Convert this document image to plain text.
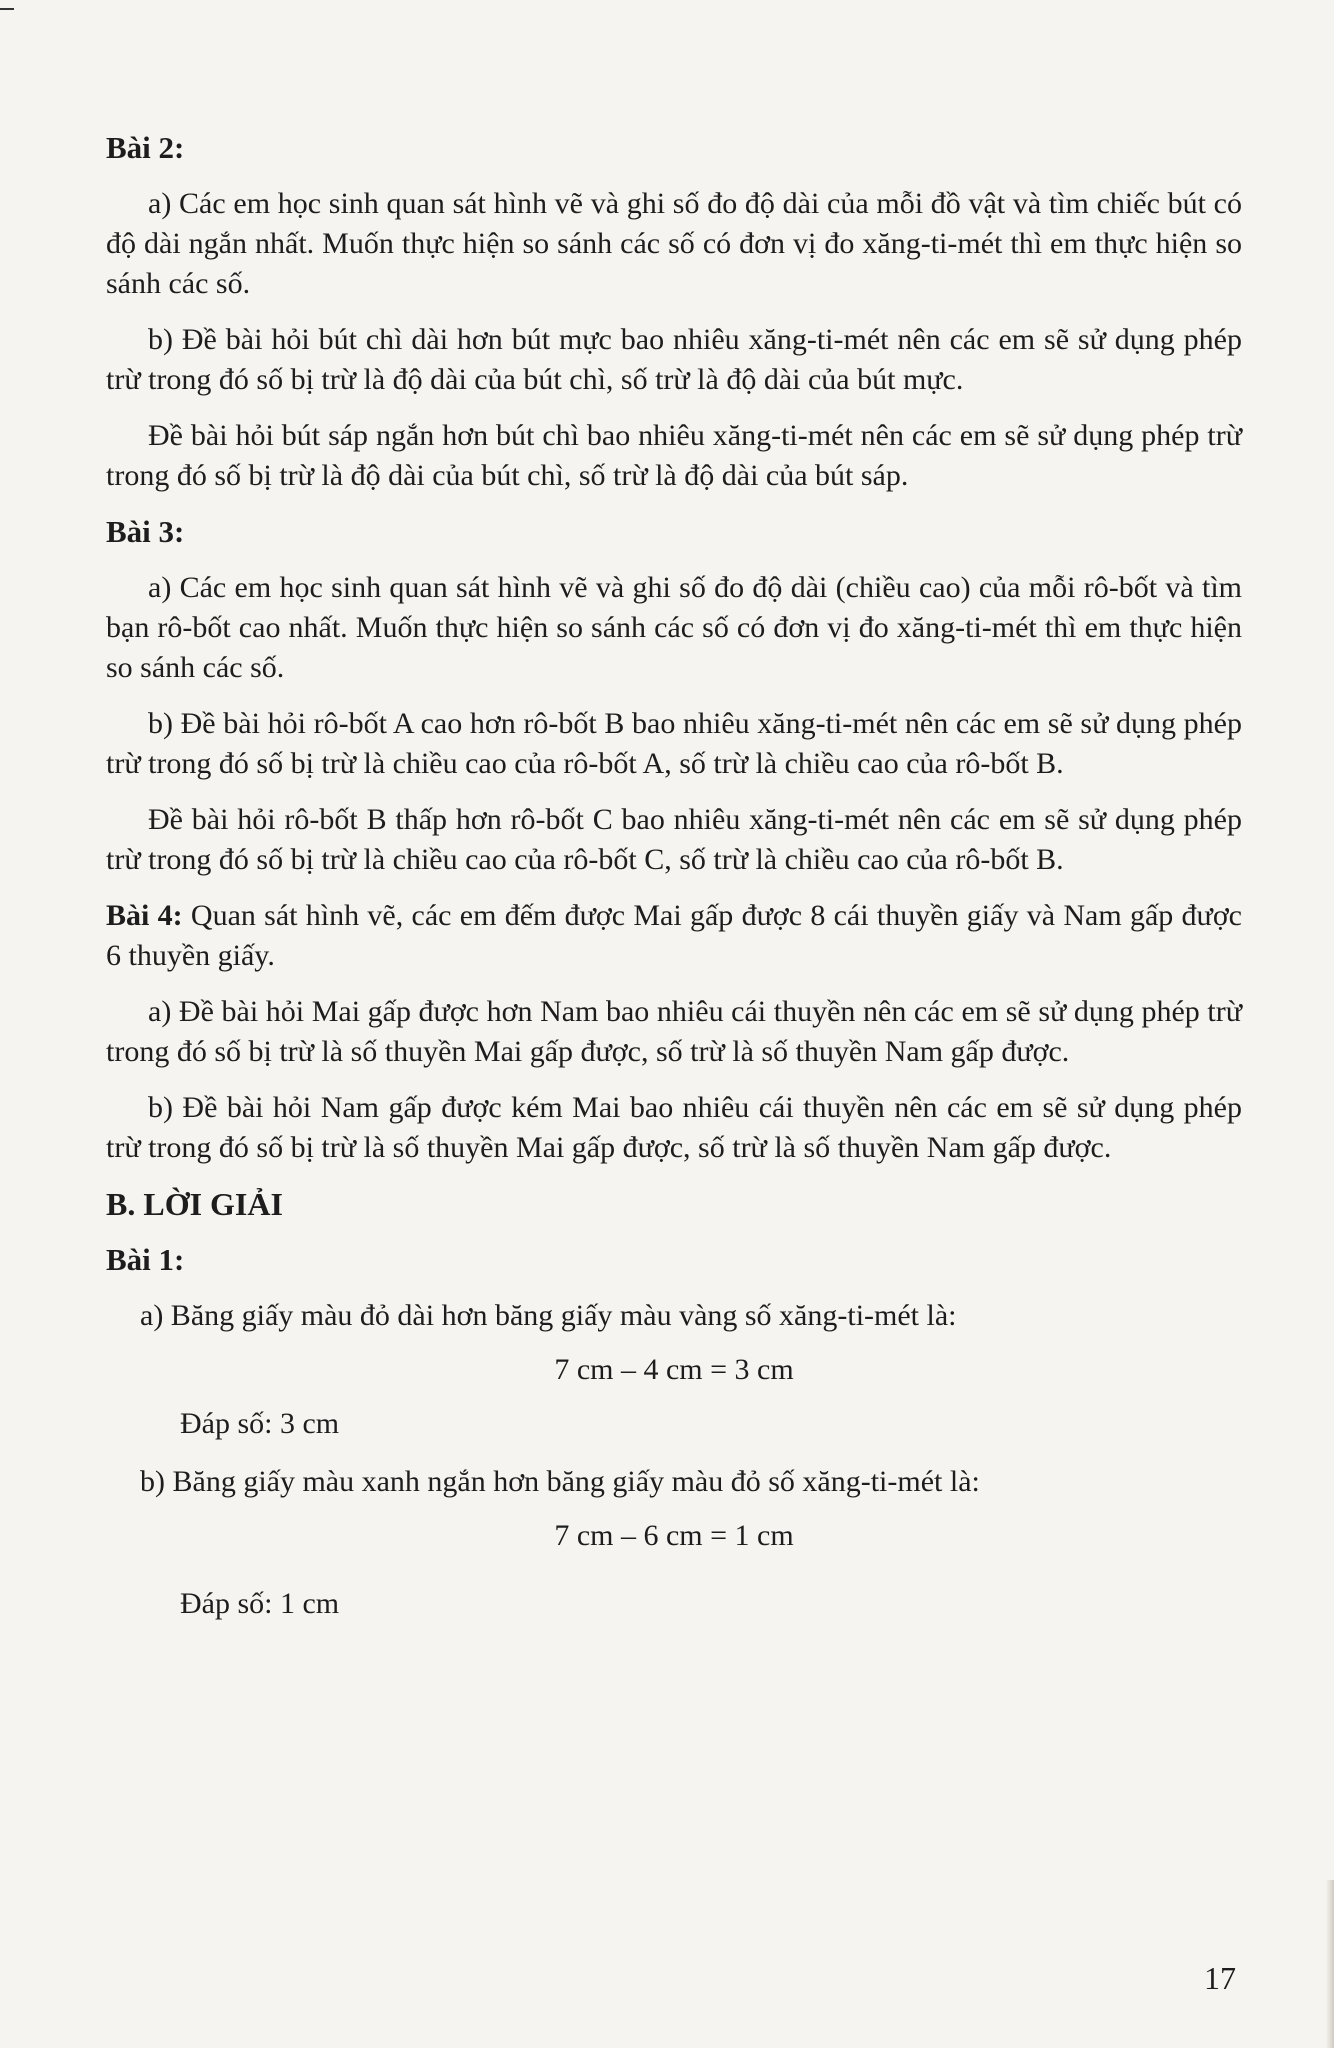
Bài 2:

a) Các em học sinh quan sát hình vẽ và ghi số đo độ dài của mỗi đồ vật và tìm chiếc bút có độ dài ngắn nhất. Muốn thực hiện so sánh các số có đơn vị đo xăng-ti-mét thì em thực hiện so sánh các số.

b) Đề bài hỏi bút chì dài hơn bút mực bao nhiêu xăng-ti-mét nên các em sẽ sử dụng phép trừ trong đó số bị trừ là độ dài của bút chì, số trừ là độ dài của bút mực.

Đề bài hỏi bút sáp ngắn hơn bút chì bao nhiêu xăng-ti-mét nên các em sẽ sử dụng phép trừ trong đó số bị trừ là độ dài của bút chì, số trừ là độ dài của bút sáp.

Bài 3:

a) Các em học sinh quan sát hình vẽ và ghi số đo độ dài (chiều cao) của mỗi rô-bốt và tìm bạn rô-bốt cao nhất. Muốn thực hiện so sánh các số có đơn vị đo xăng-ti-mét thì em thực hiện so sánh các số.

b) Đề bài hỏi rô-bốt A cao hơn rô-bốt B bao nhiêu xăng-ti-mét nên các em sẽ sử dụng phép trừ trong đó số bị trừ là chiều cao của rô-bốt A, số trừ là chiều cao của rô-bốt B.

Đề bài hỏi rô-bốt B thấp hơn rô-bốt C bao nhiêu xăng-ti-mét nên các em sẽ sử dụng phép trừ trong đó số bị trừ là chiều cao của rô-bốt C, số trừ là chiều cao của rô-bốt B.

Bài 4: Quan sát hình vẽ, các em đếm được Mai gấp được 8 cái thuyền giấy và Nam gấp được 6 thuyền giấy.

a) Đề bài hỏi Mai gấp được hơn Nam bao nhiêu cái thuyền nên các em sẽ sử dụng phép trừ trong đó số bị trừ là số thuyền Mai gấp được, số trừ là số thuyền Nam gấp được.

b) Đề bài hỏi Nam gấp được kém Mai bao nhiêu cái thuyền nên các em sẽ sử dụng phép trừ trong đó số bị trừ là số thuyền Mai gấp được, số trừ là số thuyền Nam gấp được.

B. LỜI GIẢI
Bài 1:

a) Băng giấy màu đỏ dài hơn băng giấy màu vàng số xăng-ti-mét là:

7 cm – 4 cm = 3 cm
Đáp số: 3 cm

b) Băng giấy màu xanh ngắn hơn băng giấy màu đỏ số xăng-ti-mét là:

7 cm – 6 cm = 1 cm
Đáp số: 1 cm
17
